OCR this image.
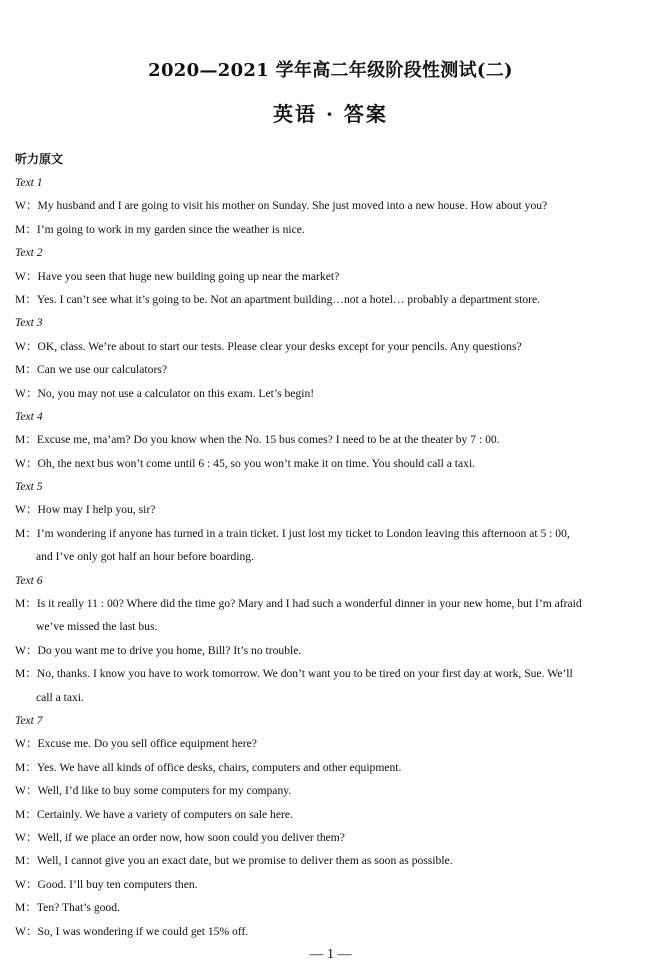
2020—2021 学年高二年级阶段性测试(二)
英语 · 答案
听力原文
Text 1
W：My husband and I are going to visit his mother on Sunday. She just moved into a new house. How about you?
M：I’m going to work in my garden since the weather is nice.
Text 2
W：Have you seen that huge new building going up near the market?
M：Yes. I can’t see what it’s going to be. Not an apartment building…not a hotel… probably a department store.
Text 3
W：OK, class. We’re about to start our tests. Please clear your desks except for your pencils. Any questions?
M：Can we use our calculators?
W：No, you may not use a calculator on this exam. Let’s begin!
Text 4
M：Excuse me, ma’am? Do you know when the No. 15 bus comes? I need to be at the theater by 7 : 00.
W：Oh, the next bus won’t come until 6 : 45, so you won’t make it on time. You should call a taxi.
Text 5
W：How may I help you, sir?
M：I’m wondering if anyone has turned in a train ticket. I just lost my ticket to London leaving this afternoon at 5 : 00,
and I’ve only got half an hour before boarding.
Text 6
M：Is it really 11 : 00? Where did the time go? Mary and I had such a wonderful dinner in your new home, but I’m afraid
we’ve missed the last bus.
W：Do you want me to drive you home, Bill? It’s no trouble.
M：No, thanks. I know you have to work tomorrow. We don’t want you to be tired on your first day at work, Sue. We’ll
call a taxi.
Text 7
W：Excuse me. Do you sell office equipment here?
M：Yes. We have all kinds of office desks, chairs, computers and other equipment.
W：Well, I’d like to buy some computers for my company.
M：Certainly. We have a variety of computers on sale here.
W：Well, if we place an order now, how soon could you deliver them?
M：Well, I cannot give you an exact date, but we promise to deliver them as soon as possible.
W：Good. I’ll buy ten computers then.
M：Ten? That’s good.
W：So, I was wondering if we could get 15% off.
— 1 —
